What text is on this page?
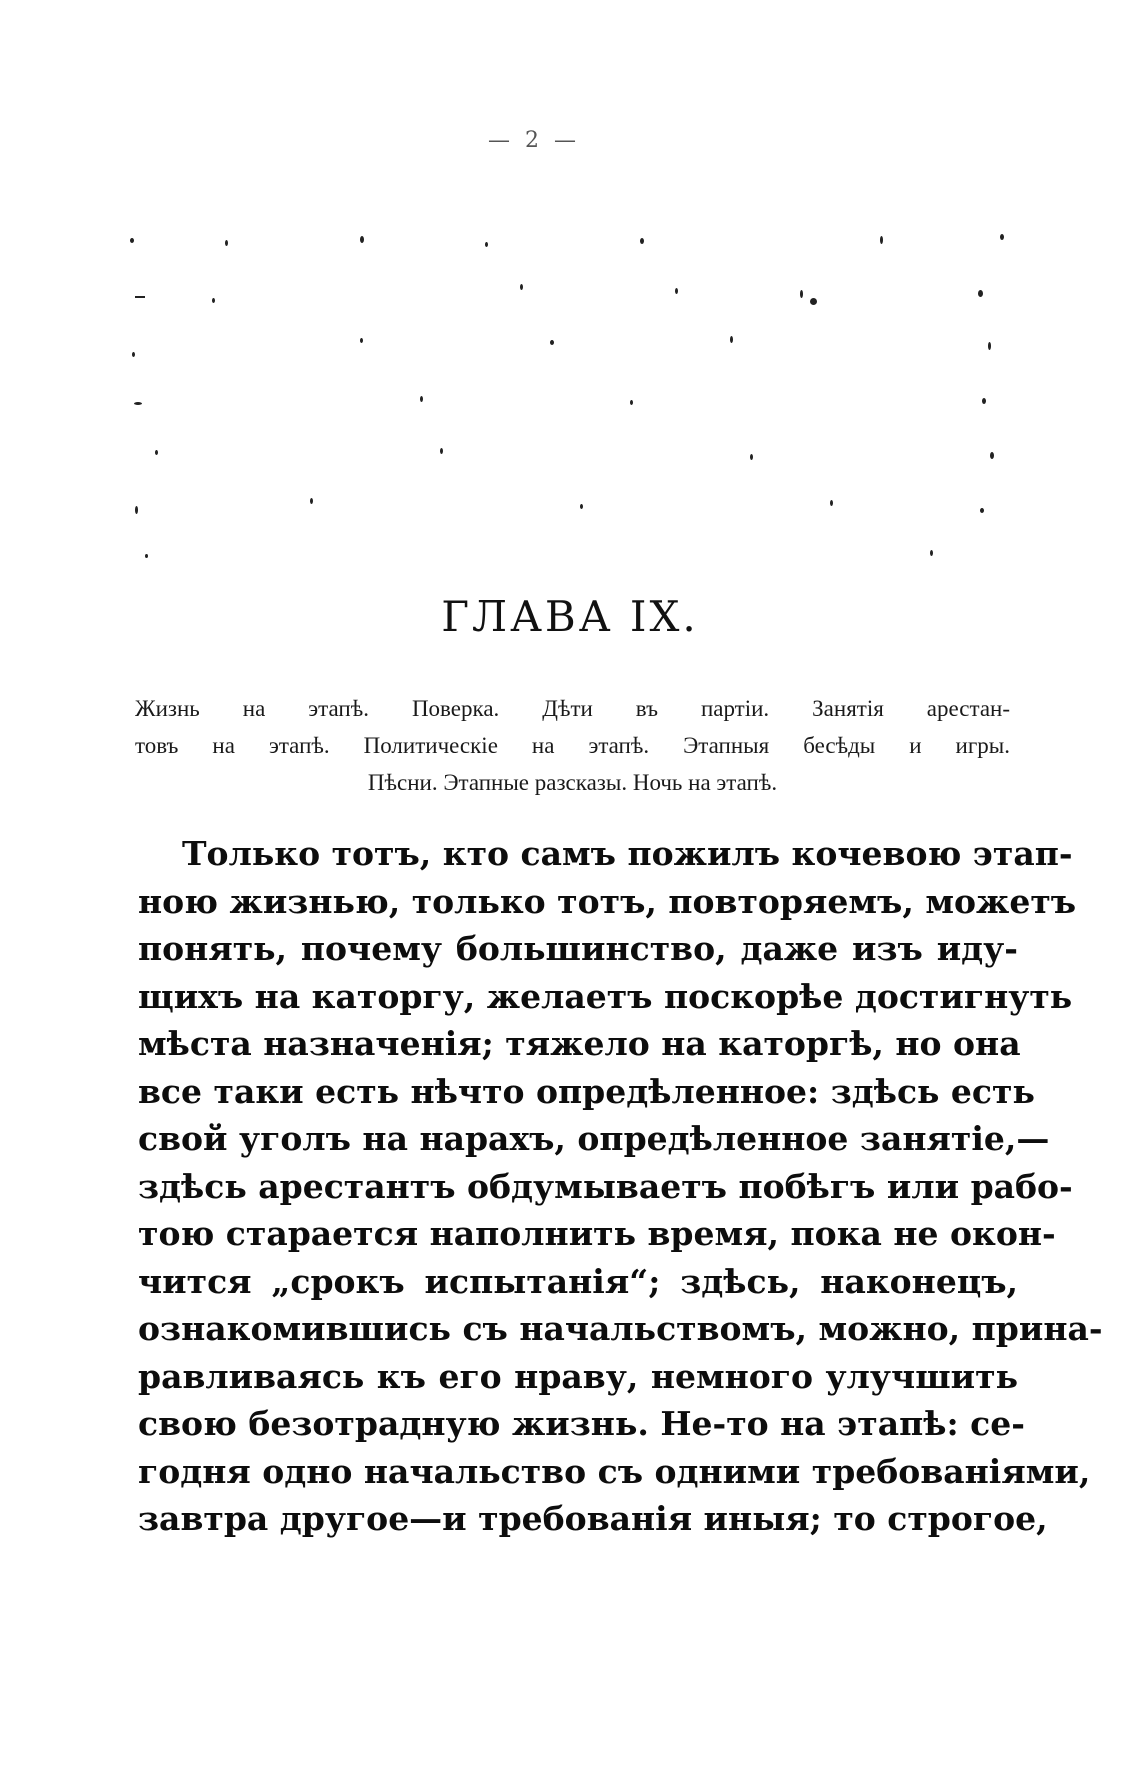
— 2 —
ГЛАВА IX.
Жизнь на этапѣ. Поверка. Дѣти въ партіи. Занятія арестан-
товъ на этапѣ. Политическіе на этапѣ. Этапныя бесѣды и игры.
Пѣсни. Этапные разсказы. Ночь на этапѣ.
Только тотъ, кто самъ пожилъ кочевою этап-
ною жизнью, только тотъ, повторяемъ, можетъ
понять, почему большинство, даже изъ иду-
щихъ на каторгу, желаетъ поскорѣе достигнуть
мѣста назначенія; тяжело на каторгѣ, но она
все таки есть нѣчто опредѣленное: здѣсь есть
свой уголъ на нарахъ, опредѣленное занятіе,—
здѣсь арестантъ обдумываетъ побѣгъ или рабо-
тою старается наполнить время, пока не окон-
чится „срокъ испытанія“; здѣсь, наконецъ,
ознакомившись съ начальствомъ, можно, прина-
равливаясь къ его нраву, немного улучшить
свою безотрадную жизнь. Не-то на этапѣ: се-
годня одно начальство съ одними требованіями,
завтра другое—и требованія иныя; то строгое,
